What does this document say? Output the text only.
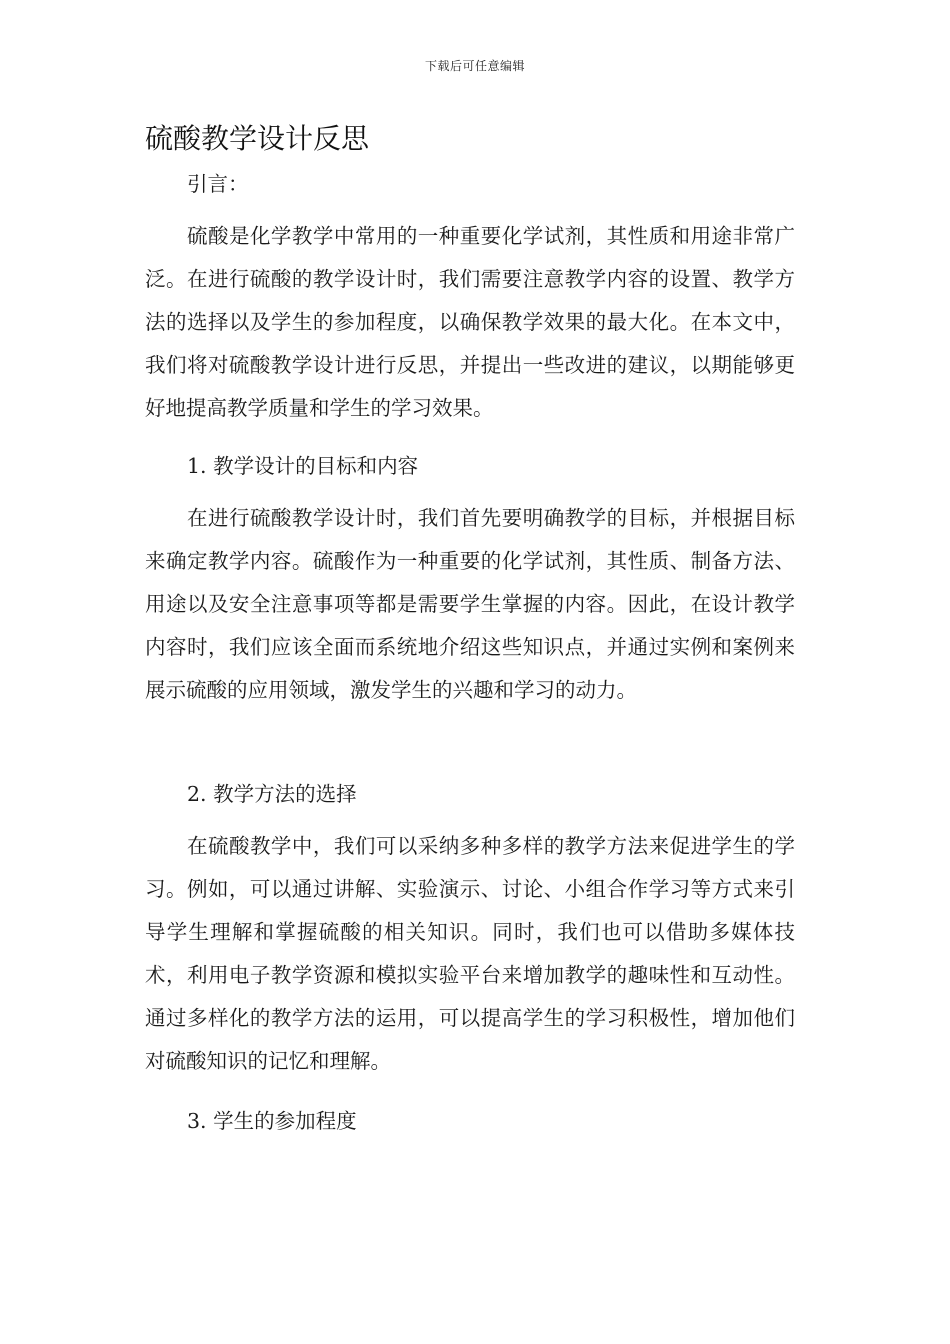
下载后可任意编辑
硫酸教学设计反思

引言：

硫酸是化学教学中常用的一种重要化学试剂，其性质和用途非常广泛。在进行硫酸的教学设计时，我们需要注意教学内容的设置、教学方法的选择以及学生的参加程度，以确保教学效果的最大化。在本文中，我们将对硫酸教学设计进行反思，并提出一些改进的建议，以期能够更好地提高教学质量和学生的学习效果。

1. 教学设计的目标和内容

在进行硫酸教学设计时，我们首先要明确教学的目标，并根据目标来确定教学内容。硫酸作为一种重要的化学试剂，其性质、制备方法、用途以及安全注意事项等都是需要学生掌握的内容。因此，在设计教学内容时，我们应该全面而系统地介绍这些知识点，并通过实例和案例来展示硫酸的应用领域，激发学生的兴趣和学习的动力。

2. 教学方法的选择

在硫酸教学中，我们可以采纳多种多样的教学方法来促进学生的学习。例如，可以通过讲解、实验演示、讨论、小组合作学习等方式来引导学生理解和掌握硫酸的相关知识。同时，我们也可以借助多媒体技术，利用电子教学资源和模拟实验平台来增加教学的趣味性和互动性。通过多样化的教学方法的运用，可以提高学生的学习积极性，增加他们对硫酸知识的记忆和理解。

3. 学生的参加程度
